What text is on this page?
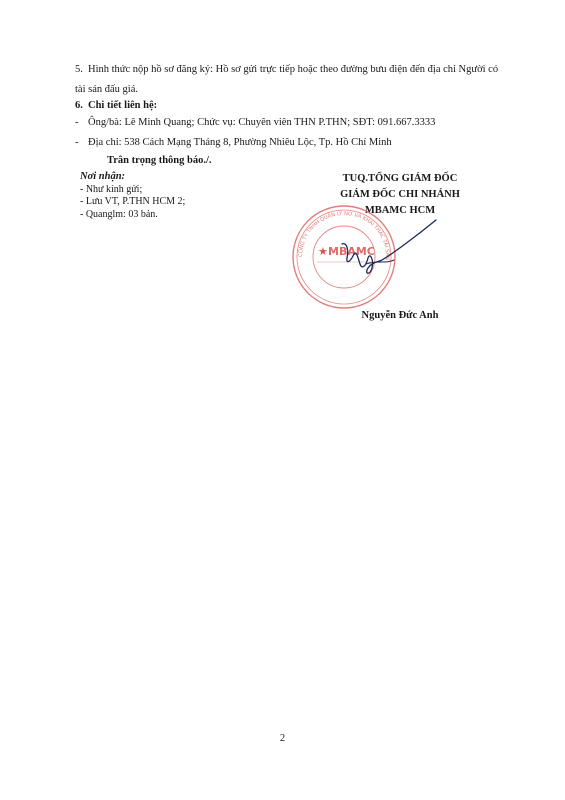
5. Hình thức nộp hồ sơ đăng ký: Hồ sơ gửi trực tiếp hoặc theo đường bưu điện đến địa chỉ Người có tài sản đấu giá.
6. Chi tiết liên hệ:
- Ông/bà: Lê Minh Quang; Chức vụ: Chuyên viên THN P.THN; SĐT: 091.667.3333
- Địa chỉ: 538 Cách Mạng Tháng 8, Phường Nhiêu Lộc, Tp. Hồ Chí Minh
Trân trọng thông báo./.
Nơi nhận:
- Như kính gửi;
- Lưu VT, P.THN HCM 2;
- Quanglm: 03 bản.
TUQ.TỔNG GIÁM ĐỐC
GIÁM ĐỐC CHI NHÁNH
MBAMC HCM
CÔNG TY TNHH QUẢN LÝ NỢ VÀ KHAI THÁC TÀI SẢN
★ MBAMC
Nguyễn Đức Anh
2
